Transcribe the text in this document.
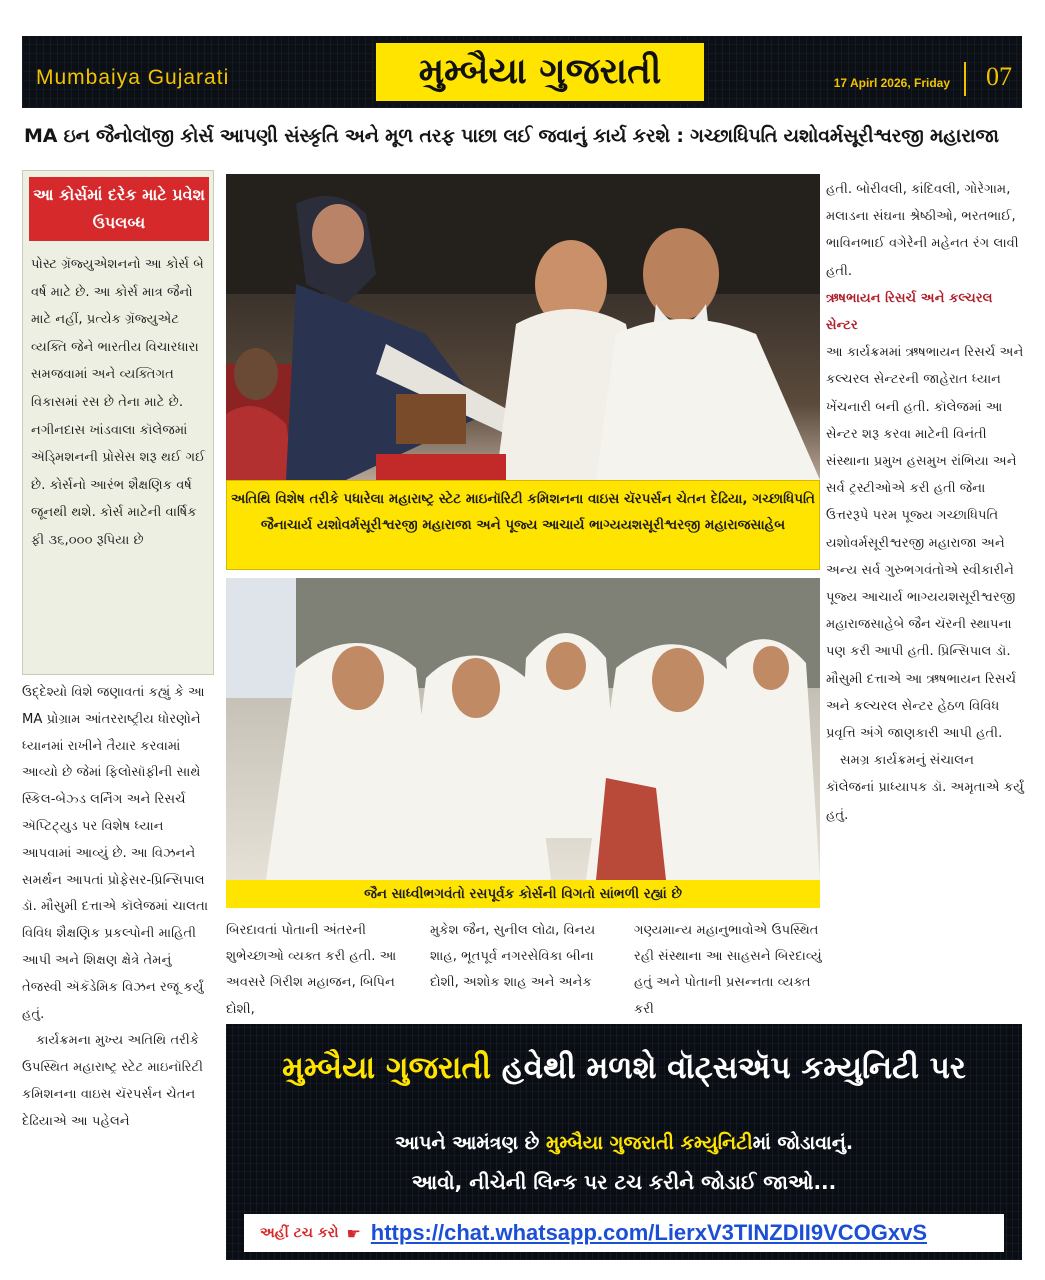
Mumbaiya Gujarati	મુમ્બૈયા ગુજરાતી	17 Apirl 2026, Friday 07
MA ઇન જૈનોલૉજી કોર્સ આપણી સંસ્કૃતિ અને મૂળ તરફ પાછા લઈ જવાનું કાર્ય કરશે : ગચ્છાધિપતિ યશોવર્મસૂરીશ્વરજી મહારાજા
આ કોર્સમાં દરેક માટે પ્રવેશ ઉપલબ્ધ
પોસ્ટ ગ્રૅજ્યુએશનનો આ કોર્સ બે વર્ષ માટે છે. આ કોર્સ માત્ર જૈનો માટે નહીં, પ્રત્યેક ગ્રૅજ્યુએટ વ્યક્તિ જેને ભારતીય વિચારધારા સમજવામાં અને વ્યક્તિગત વિકાસમાં રસ છે તેના માટે છે. નગીનદાસ ખાંડવાલા કૉલેજમાં ઍડ્મિશનની પ્રોસેસ શરૂ થઈ ગઈ છે. કોર્સનો આરંભ શૈક્ષણિક વર્ષ જૂનથી થશે. કોર્સ માટેની વાર્ષિક ફી ૩૬,૦૦૦ રૂપિયા છે

ઉદ્દેશ્યો વિશે જણાવતાં કહ્યું કે આ MA પ્રોગ્રામ આંતરરાષ્ટ્રીય ધોરણોને ધ્યાનમાં રાખીને તૈયાર કરવામાં આવ્યો છે જેમાં ફિલોસૉફીની સાથે સ્કિલ-બેઝ્ડ લર્નિંગ અને રિસર્ચ ઍપ્ટિટ્યુડ પર વિશેષ ધ્યાન આપવામાં આવ્યું છે. આ વિઝનને સમર્થન આપતાં પ્રોફેસર-પ્રિન્સિપાલ ડૉ. મૌસુમી દત્તાએ કૉલેજમાં ચાલતા વિવિધ શૈક્ષણિક પ્રકલ્પોની માહિતી આપી અને શિક્ષણ ક્ષેત્રે તેમનું તેજસ્વી ઍકૅડેમિક વિઝન રજૂ કર્યું હતું.

કાર્યક્રમના મુખ્ય અતિથિ તરીકે ઉપસ્થિત મહારાષ્ટ્ર સ્ટેટ માઇનૉરિટી કમિશનના વાઇસ ચૅરપર્સન ચેતન દેઢિયાએ આ પહેલને

અતિથિ વિશેષ તરીકે પધારેલા મહારાષ્ટ્ર સ્ટેટ માઇનૉરિટી કમિશનના વાઇસ ચૅરપર્સન ચેતન દેઢિયા, ગચ્છાધિપતિ જૈનાચાર્ય યશોવર્મસૂરીશ્વરજી મહારાજા અને પૂજ્ય આચાર્ય ભાગ્યયશસૂરીશ્વરજી મહારાજસાહેબ

જૈન સાધ્વીભગવંતો રસપૂર્વક કોર્સની વિગતો સાંભળી રહ્યાં છે

બિરદાવતાં પોતાની અંતરની શુભેચ્છાઓ વ્યક્ત કરી હતી. આ અવસરે ગિરીશ મહાજન, બિપિન દોશી,
મુકેશ જૈન, સુનીલ લોઢા, વિનય શાહ, ભૂતપૂર્વ નગરસેવિકા બીના દોશી, અશોક શાહ અને અનેક
ગણ્યમાન્ય મહાનુભાવોએ ઉપસ્થિત રહી સંસ્થાના આ સાહસને બિરદાવ્યું હતું અને પોતાની પ્રસન્નતા વ્યક્ત કરી

હતી. બોરીવલી, કાંદિવલી, ગોરેગામ, મલાડના સંઘના શ્રેષ્ઠીઓ, ભરતભાઈ, ભાવિનભાઈ વગેરેની મહેનત રંગ લાવી હતી.

ઋષભાયન રિસર્ચ અને કલ્ચરલ સેન્ટર

આ કાર્યક્રમમાં ઋષભાયન રિસર્ચ અને કલ્ચરલ સેન્ટરની જાહેરાત ધ્યાન ખેંચનારી બની હતી. કૉલેજમાં આ સેન્ટર શરૂ કરવા માટેની વિનંતી સંસ્થાના પ્રમુખ હસમુખ રાંભિયા અને સર્વ ટ્રસ્ટીઓએ કરી હતી જેના ઉત્તરરૂપે પરમ પૂજ્ય ગચ્છાધિપતિ યશોવર્મસૂરીશ્વરજી મહારાજા અને અન્ય સર્વ ગુરુભગવંતોએ સ્વીકારીને પૂજ્ય આચાર્ય ભાગ્યયશસૂરીશ્વરજી મહારાજસાહેબે જૈન ચૅરની સ્થાપના પણ કરી આપી હતી. પ્રિન્સિપાલ ડૉ. મૌસુમી દત્તાએ આ ઋષભાયન રિસર્ચ અને કલ્ચરલ સેન્ટર હેઠળ વિવિધ પ્રવૃત્તિ અંગે જાણકારી આપી હતી.

સમગ્ર કાર્યક્રમનું સંચાલન કૉલેજનાં પ્રાધ્યાપક ડૉ. અમૃતાએ કર્યું હતું.

મુમ્બૈયા ગુજરાતી હવેથી મળશે વૉટ્સઍપ કમ્યુનિટી પર
આપને આમંત્રણ છે મુમ્બૈયા ગુજરાતી કમ્યુનિટીમાં જોડાવાનું.
આવો, નીચેની લિન્ક પર ટચ કરીને જોડાઈ જાઓ...
અહીં ટચ કરો ☛ https://chat.whatsapp.com/LierxV3TINZDII9VCOGxvS
